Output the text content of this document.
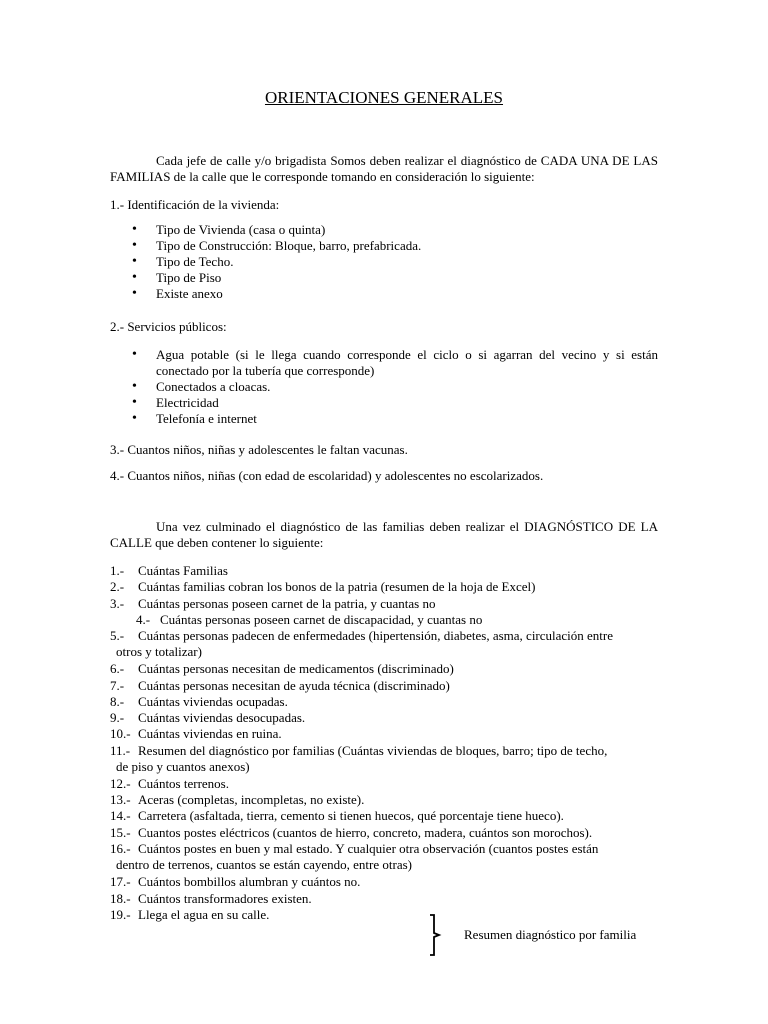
ORIENTACIONES GENERALES
Cada jefe de calle y/o brigadista Somos deben realizar el diagnóstico de CADA UNA DE LAS FAMILIAS de la calle que le corresponde tomando en consideración lo siguiente:
1.- Identificación de la vivienda:
• Tipo de Vivienda (casa o quinta)
• Tipo de Construcción: Bloque, barro, prefabricada.
• Tipo de Techo.
• Tipo de Piso
• Existe anexo
2.- Servicios públicos:
• Agua potable (si le llega cuando corresponde el ciclo o si agarran del vecino y si están conectado por la tubería que corresponde)
• Conectados a cloacas.
• Electricidad
• Telefonía e internet
3.- Cuantos niños, niñas y adolescentes le faltan vacunas.
4.- Cuantos niños, niñas (con edad de escolaridad) y adolescentes no escolarizados.
Una vez culminado el diagnóstico de las familias deben realizar el DIAGNÓSTICO DE LA CALLE que deben contener lo siguiente:
1.- Cuántas Familias
2.- Cuántas familias cobran los bonos de la patria (resumen de la hoja de Excel)
3.- Cuántas personas poseen carnet de la patria, y cuantas no
4.- Cuántas personas poseen carnet de discapacidad, y cuantas no
5.- Cuántas personas padecen de enfermedades (hipertensión, diabetes, asma, circulación entre
otros y totalizar)
6.- Cuántas personas necesitan de medicamentos (discriminado)
7.- Cuántas personas necesitan de ayuda técnica (discriminado)
8.- Cuántas viviendas ocupadas.
9.- Cuántas viviendas desocupadas.
10.- Cuántas viviendas en ruina.
11.- Resumen del diagnóstico por familias (Cuántas viviendas de bloques, barro; tipo de techo,
de piso y cuantos anexos)
12.- Cuántos terrenos.
13.- Aceras (completas, incompletas, no existe).
14.- Carretera (asfaltada, tierra, cemento si tienen huecos, qué porcentaje tiene hueco).
15.- Cuantos postes eléctricos (cuantos de hierro, concreto, madera, cuántos son morochos).
16.- Cuántos postes en buen y mal estado. Y cualquier otra observación (cuantos postes están
dentro de terrenos, cuantos se están cayendo, entre otras)
17.- Cuántos bombillos alumbran y cuántos no.
18.- Cuántos transformadores existen.
19.- Llega el agua en su calle.
Resumen diagnóstico por familia
